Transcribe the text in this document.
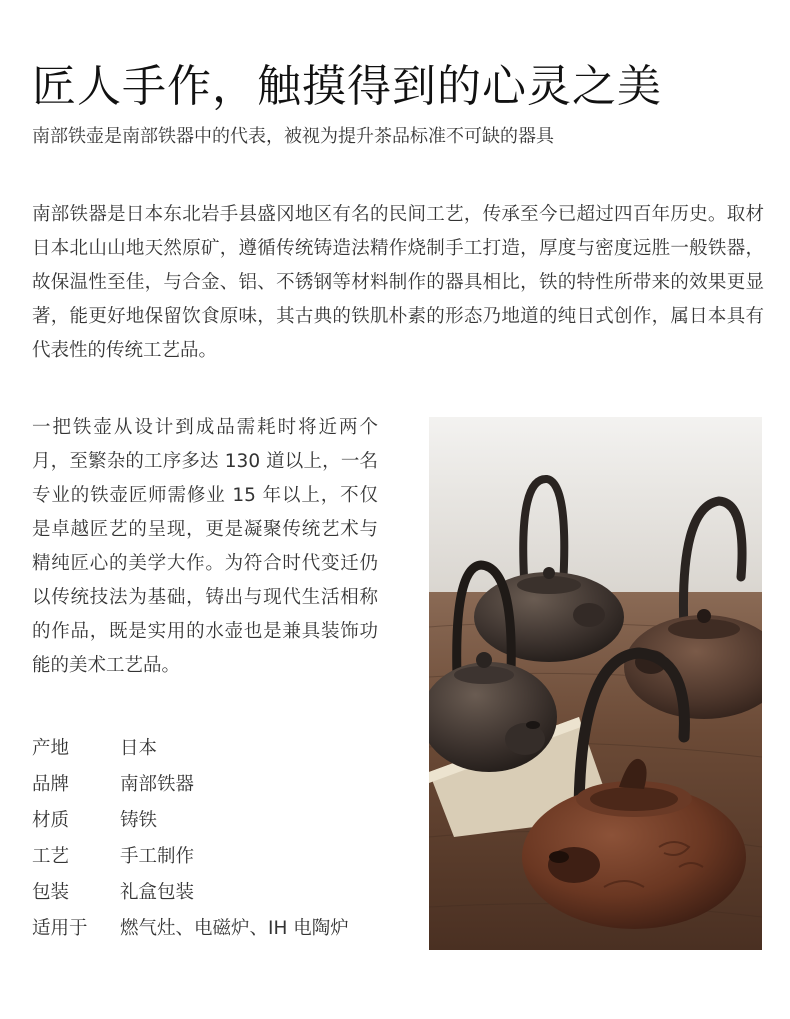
匠人手作，触摸得到的心灵之美
南部铁壶是南部铁器中的代表，被视为提升茶品标准不可缺的器具

南部铁器是日本东北岩手县盛冈地区有名的民间工艺，传承至今已超过四百年历史。取材日本北山山地天然原矿，遵循传统铸造法精作烧制手工打造，厚度与密度远胜一般铁器，故保温性至佳，与合金、铝、不锈钢等材料制作的器具相比，铁的特性所带来的效果更显著，能更好地保留饮食原味，其古典的铁肌朴素的形态乃地道的纯日式创作，属日本具有代表性的传统工艺品。

一把铁壶从设计到成品需耗时将近两个月，至繁杂的工序多达 130 道以上，一名专业的铁壶匠师需修业 15 年以上，不仅是卓越匠艺的呈现，更是凝聚传统艺术与精纯匠心的美学大作。为符合时代变迁仍以传统技法为基础，铸出与现代生活相称的作品，既是实用的水壶也是兼具装饰功能的美术工艺品。

产地	日本
品牌	南部铁器
材质	铸铁
工艺	手工制作
包装	礼盒包装
适用于	燃气灶、电磁炉、IH 电陶炉
